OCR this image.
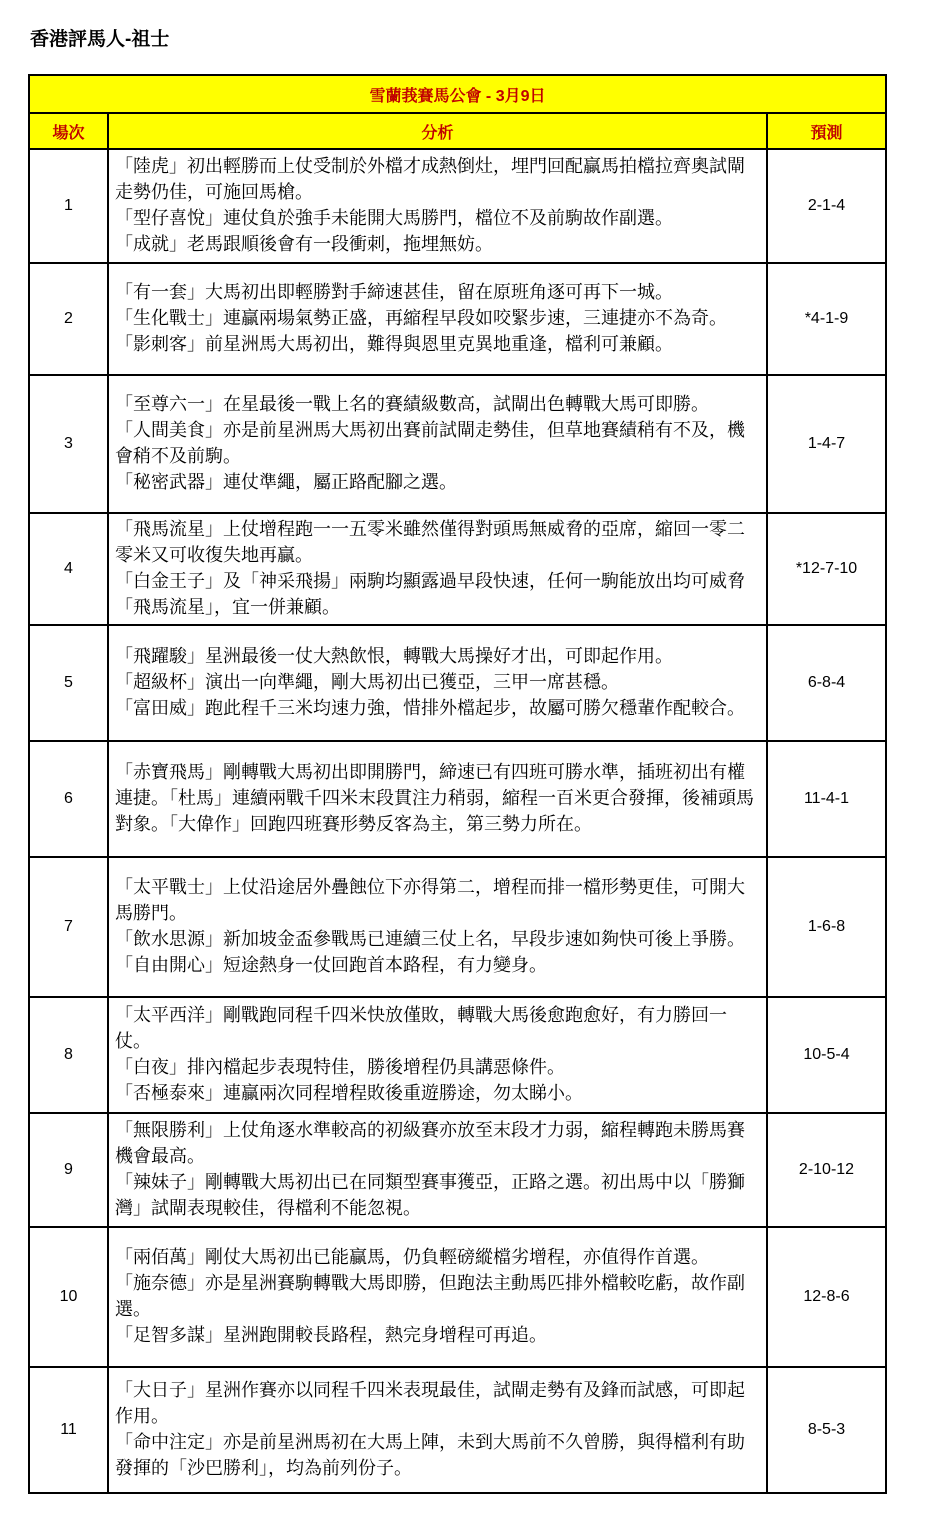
香港評馬人-祖士
雪蘭莪賽馬公會 - 3月9日		
場次	分析	預測
1	「陸虎」初出輕勝而上仗受制於外檔才成熱倒灶，埋門回配贏馬拍檔拉齊奧試閘走勢仍佳，可施回馬槍。
「型仔喜悅」連仗負於強手未能開大馬勝門，檔位不及前駒故作副選。
「成就」老馬跟順後會有一段衝刺，拖埋無妨。	2-1-4
2	「有一套」大馬初出即輕勝對手締速甚佳，留在原班角逐可再下一城。
「生化戰士」連贏兩場氣勢正盛，再縮程早段如咬緊步速，三連捷亦不為奇。
「影刺客」前星洲馬大馬初出，難得與恩里克異地重逢，檔利可兼顧。	*4-1-9
3	「至尊六一」在星最後一戰上名的賽績級數高，試閘出色轉戰大馬可即勝。
「人間美食」亦是前星洲馬大馬初出賽前試閘走勢佳，但草地賽績稍有不及，機會稍不及前駒。
「秘密武器」連仗準繩，屬正路配腳之選。	1-4-7
4	「飛馬流星」上仗增程跑一一五零米雖然僅得對頭馬無威脅的亞席，縮回一零二零米又可收復失地再贏。
「白金王子」及「神采飛揚」兩駒均顯露過早段快速，任何一駒能放出均可威脅「飛馬流星」，宜一併兼顧。	*12-7-10
5	「飛躍駿」星洲最後一仗大熱飲恨，轉戰大馬操好才出，可即起作用。
「超級杯」演出一向準繩，剛大馬初出已獲亞，三甲一席甚穩。
「富田威」跑此程千三米均速力強，惜排外檔起步，故屬可勝欠穩輩作配較合。	6-8-4
6	「赤寶飛馬」剛轉戰大馬初出即開勝門，締速已有四班可勝水準，插班初出有權連捷。「杜馬」連續兩戰千四米末段貫注力稍弱，縮程一百米更合發揮，後補頭馬對象。「大偉作」回跑四班賽形勢反客為主，第三勢力所在。	11-4-1
7	「太平戰士」上仗沿途居外疊蝕位下亦得第二，增程而排一檔形勢更佳，可開大馬勝門。
「飲水思源」新加坡金盃參戰馬已連續三仗上名，早段步速如夠快可後上爭勝。
「自由開心」短途熱身一仗回跑首本路程，有力變身。	1-6-8
8	「太平西洋」剛戰跑同程千四米快放僅敗，轉戰大馬後愈跑愈好，有力勝回一仗。
「白夜」排內檔起步表現特佳，勝後增程仍具講惡條件。
「否極泰來」連贏兩次同程增程敗後重遊勝途，勿太睇小。	10-5-4
9	「無限勝利」上仗角逐水準較高的初級賽亦放至末段才力弱，縮程轉跑未勝馬賽機會最高。
「辣妹子」剛轉戰大馬初出已在同類型賽事獲亞，正路之選。初出馬中以「勝獅灣」試閘表現較佳，得檔利不能忽視。	2-10-12
10	「兩佰萬」剛仗大馬初出已能贏馬，仍負輕磅縱檔劣增程，亦值得作首選。
「施奈德」亦是星洲賽駒轉戰大馬即勝，但跑法主動馬匹排外檔較吃虧，故作副選。
「足智多謀」星洲跑開較長路程，熱完身增程可再追。	12-8-6
11	「大日子」星洲作賽亦以同程千四米表現最佳，試閘走勢有及鋒而試感，可即起作用。
「命中注定」亦是前星洲馬初在大馬上陣，未到大馬前不久曾勝，與得檔利有助發揮的「沙巴勝利」，均為前列份子。	8-5-3
